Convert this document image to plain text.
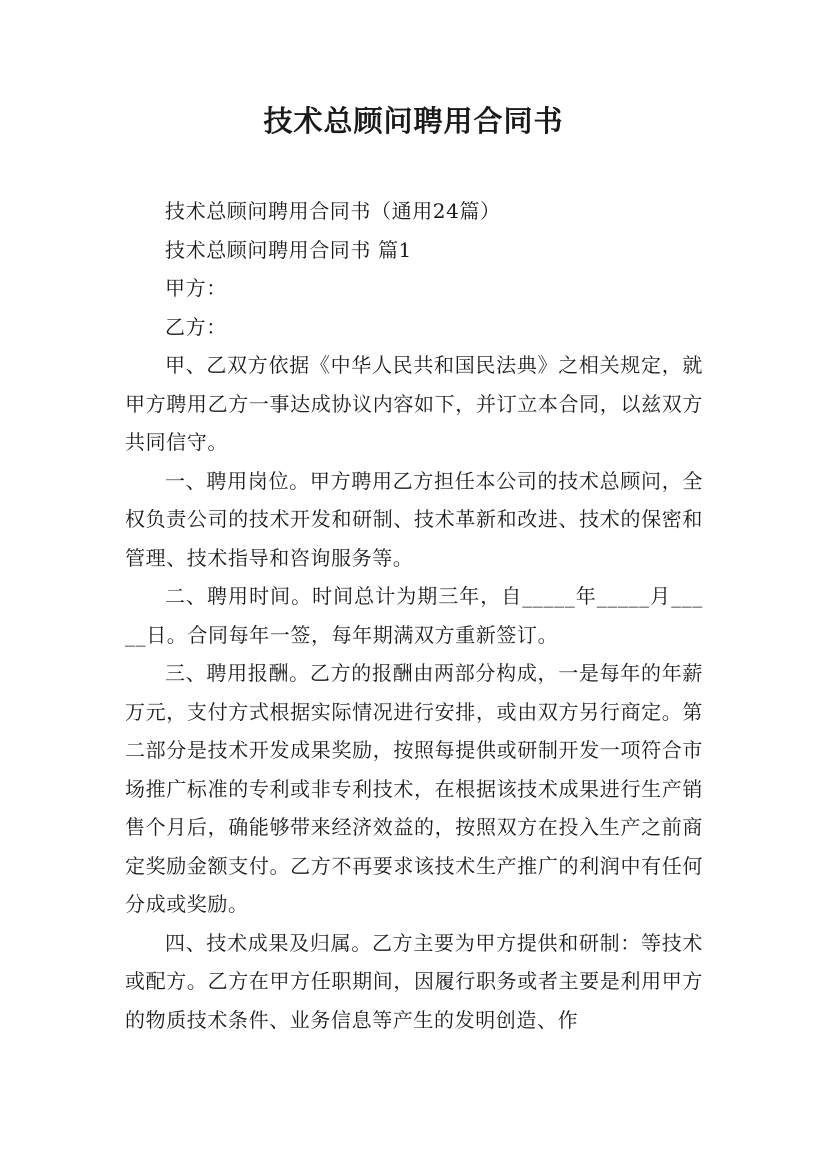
技术总顾问聘用合同书

技术总顾问聘用合同书（通用24篇）

技术总顾问聘用合同书 篇1

甲方：

乙方：

甲、乙双方依据《中华人民共和国民法典》之相关规定，就甲方聘用乙方一事达成协议内容如下，并订立本合同，以兹双方共同信守。

一、聘用岗位。甲方聘用乙方担任本公司的技术总顾问，全权负责公司的技术开发和研制、技术革新和改进、技术的保密和管理、技术指导和咨询服务等。

二、聘用时间。时间总计为期三年，自_____年_____月_____日。合同每年一签，每年期满双方重新签订。

三、聘用报酬。乙方的报酬由两部分构成，一是每年的年薪万元，支付方式根据实际情况进行安排，或由双方另行商定。第二部分是技术开发成果奖励，按照每提供或研制开发一项符合市场推广标准的专利或非专利技术，在根据该技术成果进行生产销售个月后，确能够带来经济效益的，按照双方在投入生产之前商定奖励金额支付。乙方不再要求该技术生产推广的利润中有任何分成或奖励。

四、技术成果及归属。乙方主要为甲方提供和研制：等技术或配方。乙方在甲方任职期间，因履行职务或者主要是利用甲方的物质技术条件、业务信息等产生的发明创造、作
